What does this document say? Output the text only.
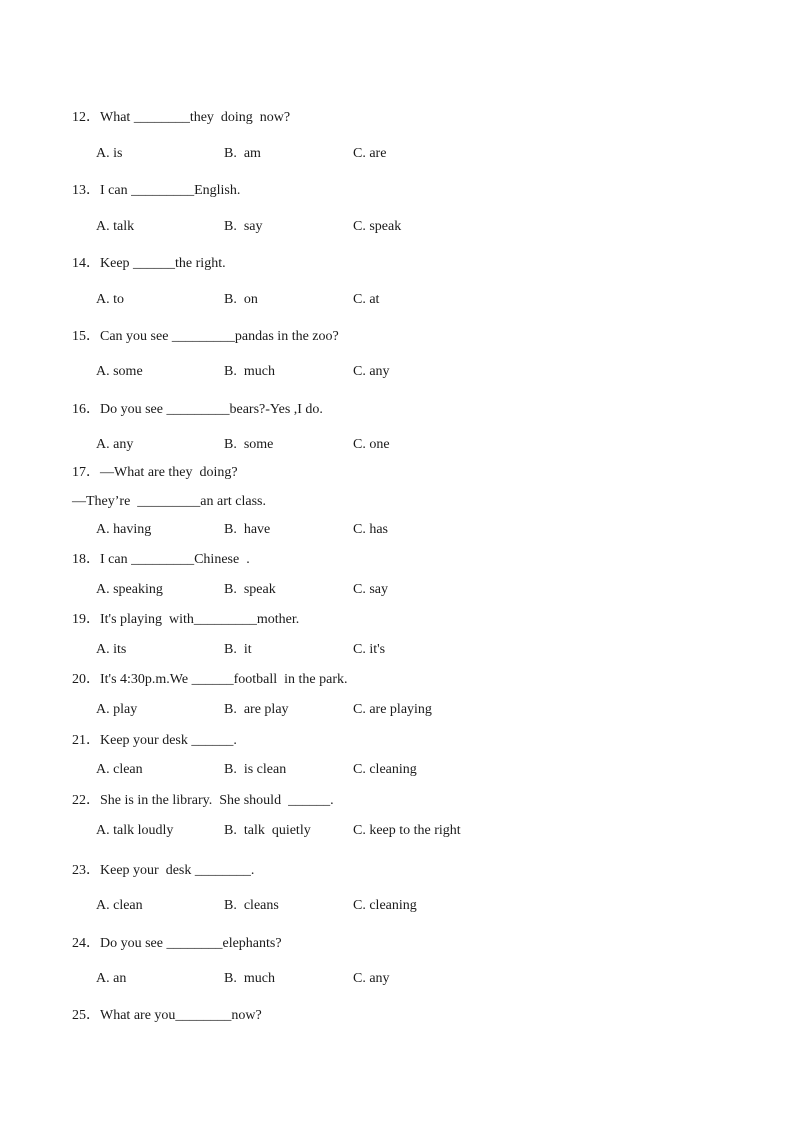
12．What ________they  doing  now?
A. is	B.  am	C. are
13．I can _________English.
A. talk	B.  say	C. speak
14．Keep ______the right.
A. to	B.  on	C. at
15．Can you see _________pandas in the zoo?
A. some	B.  much	C. any
16．Do you see _________bears?-Yes ,I do.
A. any	B.  some	C. one
17．—What are they  doing?
—They’re  _________an art class.
A. having	B.  have	C. has
18．I can _________Chinese  .
A. speaking	B.  speak	C. say
19．It's playing  with_________mother.
A. its	B.  it	C. it's
20．It's 4:30p.m.We ______football  in the park.
A. play	B.  are play	C. are playing
21．Keep your desk ______.
A. clean	B.  is clean	C. cleaning
22．She is in the library.  She should  ______.
A. talk loudly	B.  talk  quietly	C. keep to the right
23．Keep your  desk ________.
A. clean	B.  cleans	C. cleaning
24．Do you see ________elephants?
A. an	B.  much	C. any
25．What are you________now?
